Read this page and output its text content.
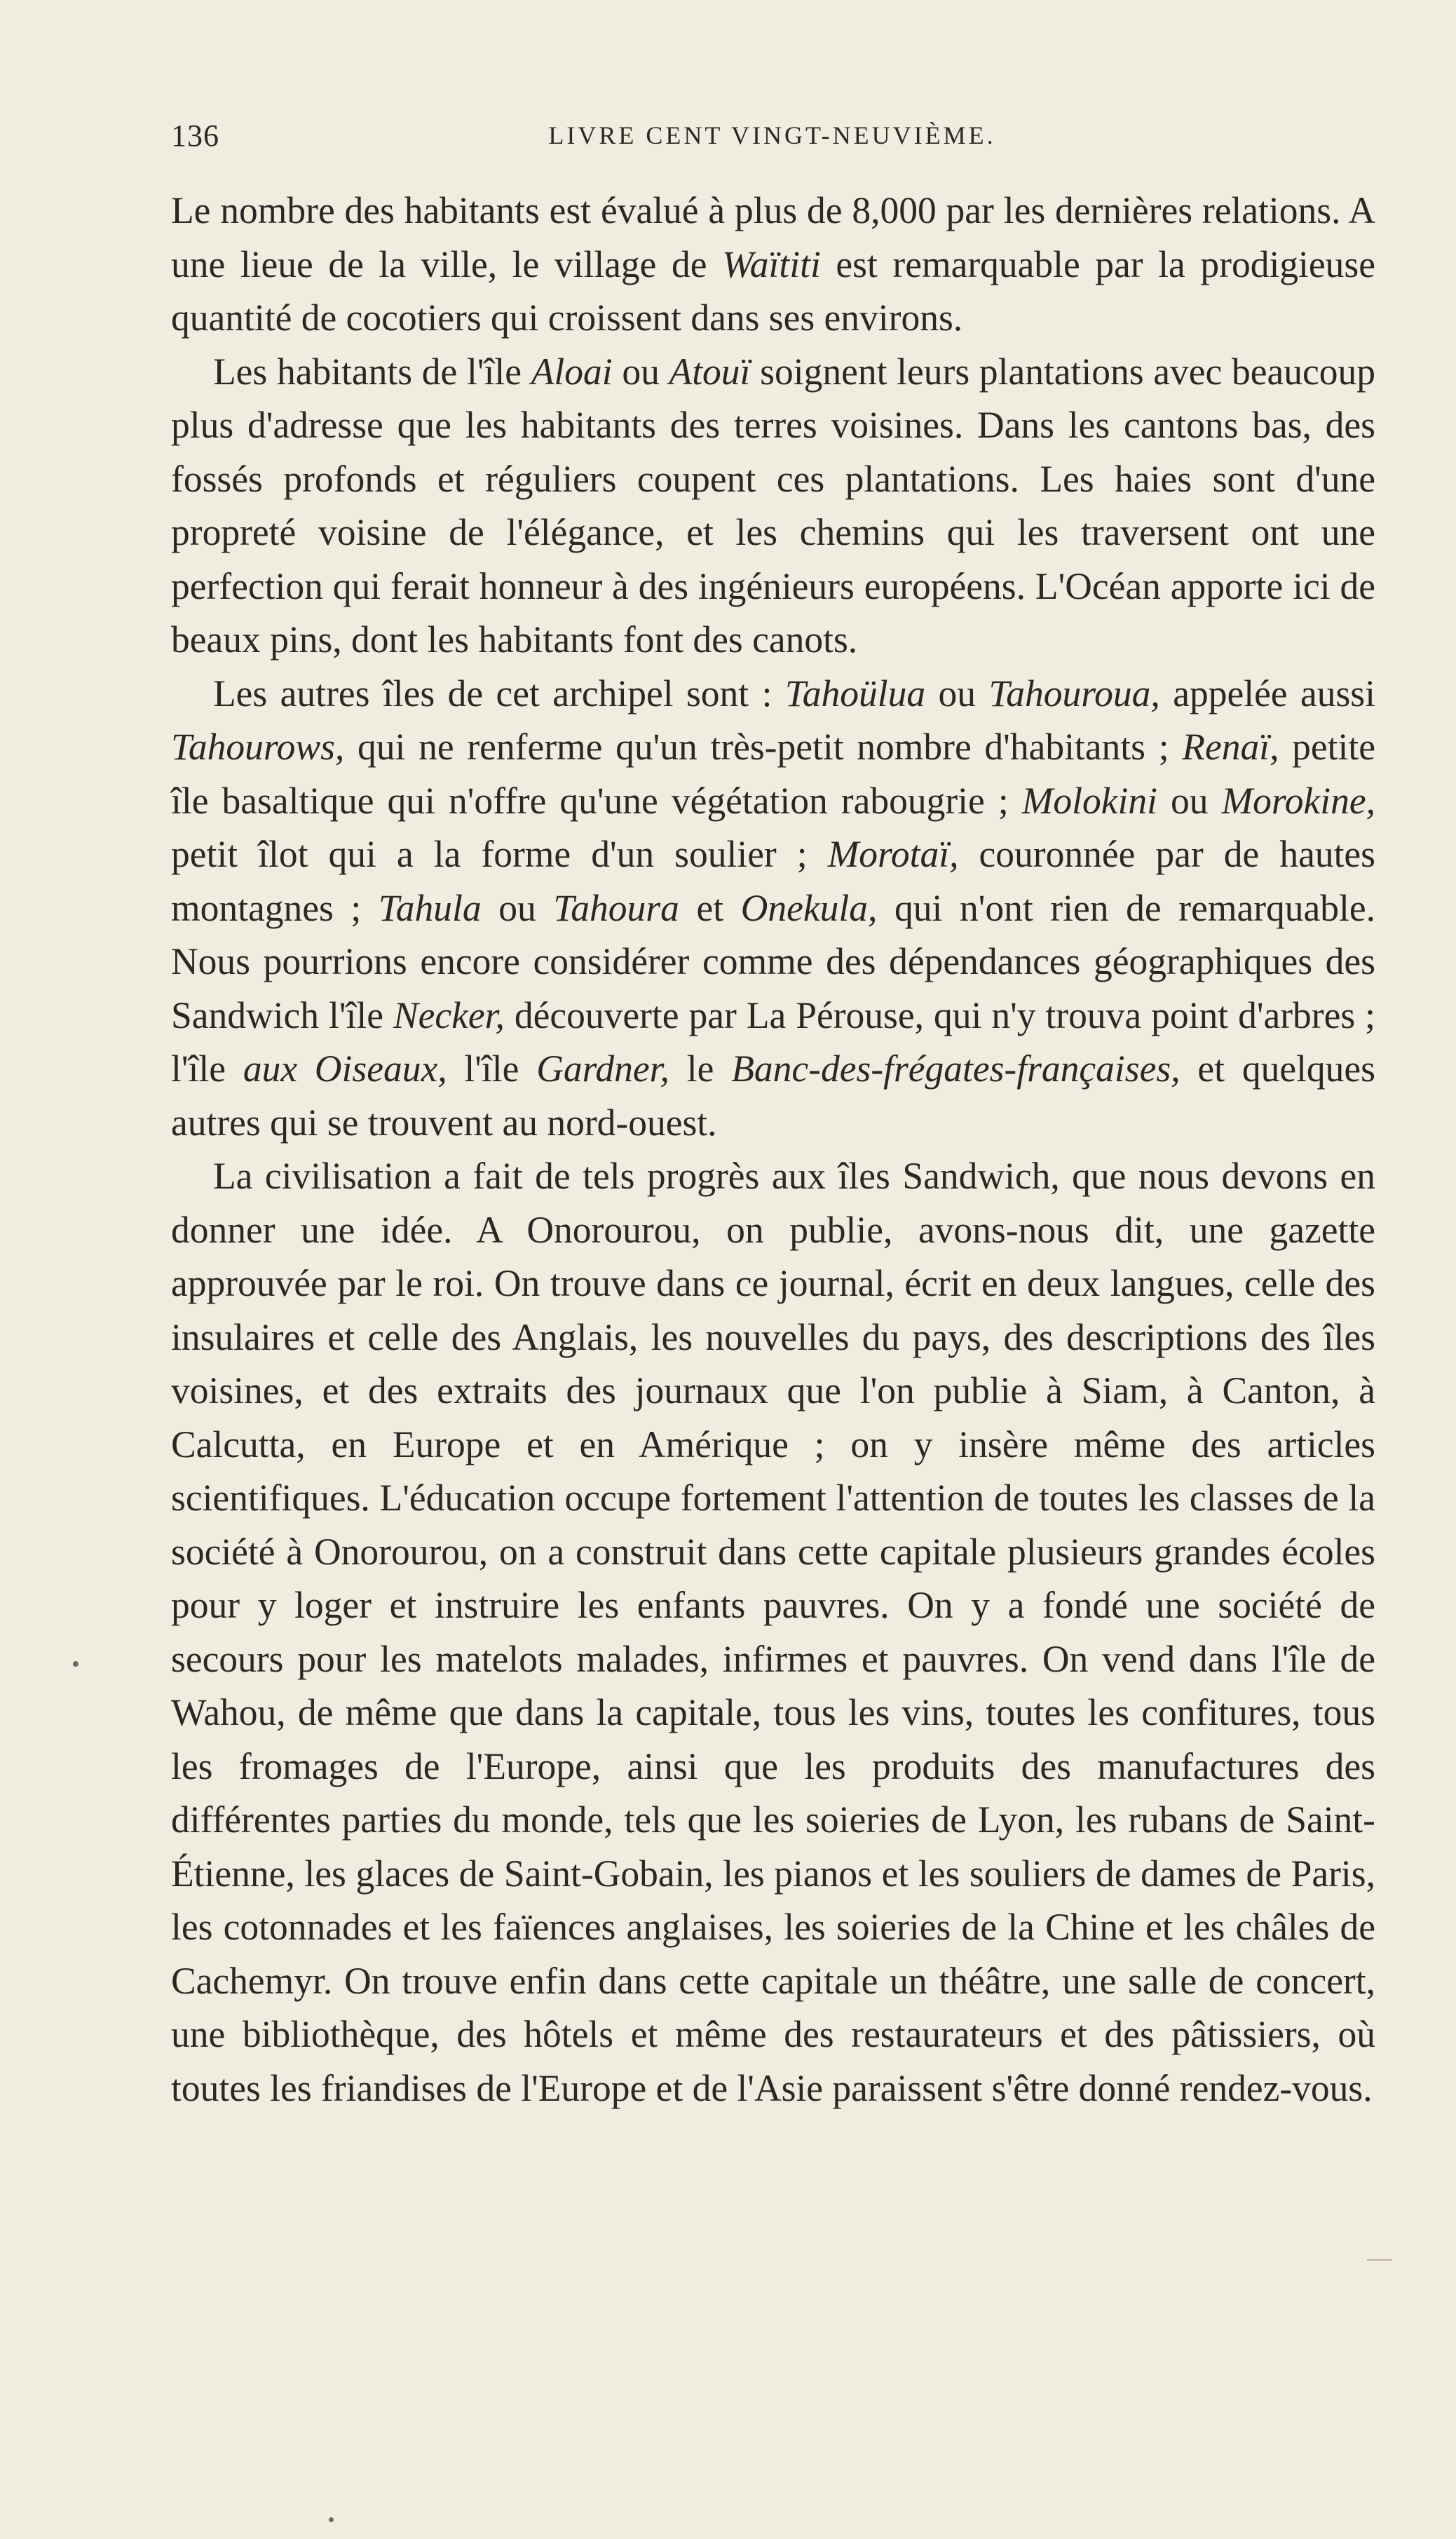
136	LIVRE CENT VINGT-NEUVIÈME.

Le nombre des habitants est évalué à plus de 8,000 par les dernières relations. A une lieue de la ville, le village de Waïtiti est remarquable par la prodigieuse quantité de cocotiers qui croissent dans ses environs.

Les habitants de l'île Aloai ou Atouï soignent leurs plantations avec beaucoup plus d'adresse que les habitants des terres voisines. Dans les cantons bas, des fossés profonds et réguliers coupent ces plantations. Les haies sont d'une propreté voisine de l'élégance, et les chemins qui les traversent ont une perfection qui ferait honneur à des ingénieurs européens. L'Océan apporte ici de beaux pins, dont les habitants font des canots.

Les autres îles de cet archipel sont : Tahoülua ou Tahouroua, appelée aussi Tahourows, qui ne renferme qu'un très-petit nombre d'habitants ; Renaï, petite île basaltique qui n'offre qu'une végétation rabougrie ; Molokini ou Morokine, petit îlot qui a la forme d'un soulier ; Morotaï, couronnée par de hautes montagnes ; Tahula ou Tahoura et Onekula, qui n'ont rien de remarquable. Nous pourrions encore considérer comme des dépendances géographiques des Sandwich l'île Necker, découverte par La Pérouse, qui n'y trouva point d'arbres ; l'île aux Oiseaux, l'île Gardner, le Banc-des-frégates-françaises, et quelques autres qui se trouvent au nord-ouest.

La civilisation a fait de tels progrès aux îles Sandwich, que nous devons en donner une idée. A Onorourou, on publie, avons-nous dit, une gazette approuvée par le roi. On trouve dans ce journal, écrit en deux langues, celle des insulaires et celle des Anglais, les nouvelles du pays, des descriptions des îles voisines, et des extraits des journaux que l'on publie à Siam, à Canton, à Calcutta, en Europe et en Amérique ; on y insère même des articles scientifiques. L'éducation occupe fortement l'attention de toutes les classes de la société à Onorourou, on a construit dans cette capitale plusieurs grandes écoles pour y loger et instruire les enfants pauvres. On y a fondé une société de secours pour les matelots malades, infirmes et pauvres. On vend dans l'île de Wahou, de même que dans la capitale, tous les vins, toutes les confitures, tous les fromages de l'Europe, ainsi que les produits des manufactures des différentes parties du monde, tels que les soieries de Lyon, les rubans de Saint-Étienne, les glaces de Saint-Gobain, les pianos et les souliers de dames de Paris, les cotonnades et les faïences anglaises, les soieries de la Chine et les châles de Cachemyr. On trouve enfin dans cette capitale un théâtre, une salle de concert, une bibliothèque, des hôtels et même des restaurateurs et des pâtissiers, où toutes les friandises de l'Europe et de l'Asie paraissent s'être donné rendez-vous.
